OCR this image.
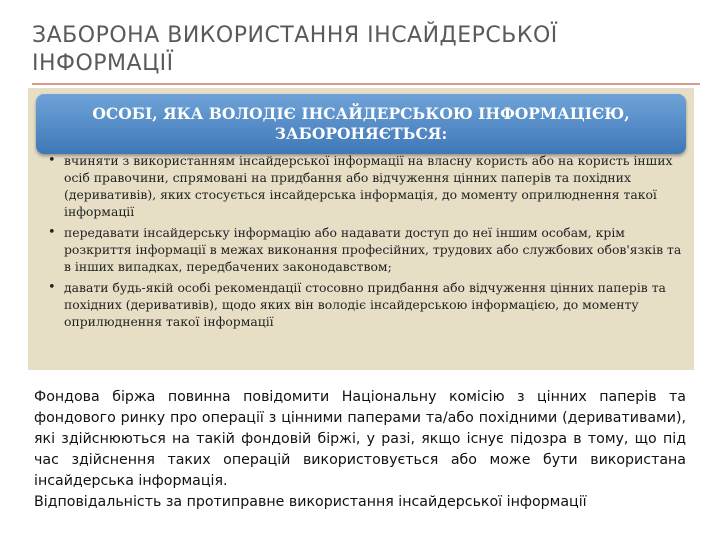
ЗАБОРОНА ВИКОРИСТАННЯ ІНСАЙДЕРСЬКОЇ ІНФОРМАЦІЇ
ОСОБІ, ЯКА ВОЛОДІЄ ІНСАЙДЕРСЬКОЮ ІНФОРМАЦІЄЮ,
ЗАБОРОНЯЄТЬСЯ:
• вчиняти з використанням інсайдерської інформації на власну користь або на користь інших осіб правочини, спрямовані на придбання або відчуження цінних паперів та похідних (деривативів), яких стосується інсайдерська інформація, до моменту оприлюднення такої інформації
• передавати інсайдерську інформацію або надавати доступ до неї іншим особам, крім розкриття інформації в межах виконання професійних, трудових або службових обов'язків та в інших випадках, передбачених законодавством;
• давати будь-якій особі рекомендації стосовно придбання або відчуження цінних паперів та похідних (деривативів), щодо яких він володіє інсайдерською інформацією, до моменту оприлюднення такої інформації

Фондова біржа повинна повідомити Національну комісію з цінних паперів та фондового ринку про операції з цінними паперами та/або похідними (деривативами), які здійснюються на такій фондовій біржі, у разі, якщо існує підозра в тому, що під час здійснення таких операцій використовується або може бути використана інсайдерська інформація.

Відповідальність за протиправне використання інсайдерської інформації
